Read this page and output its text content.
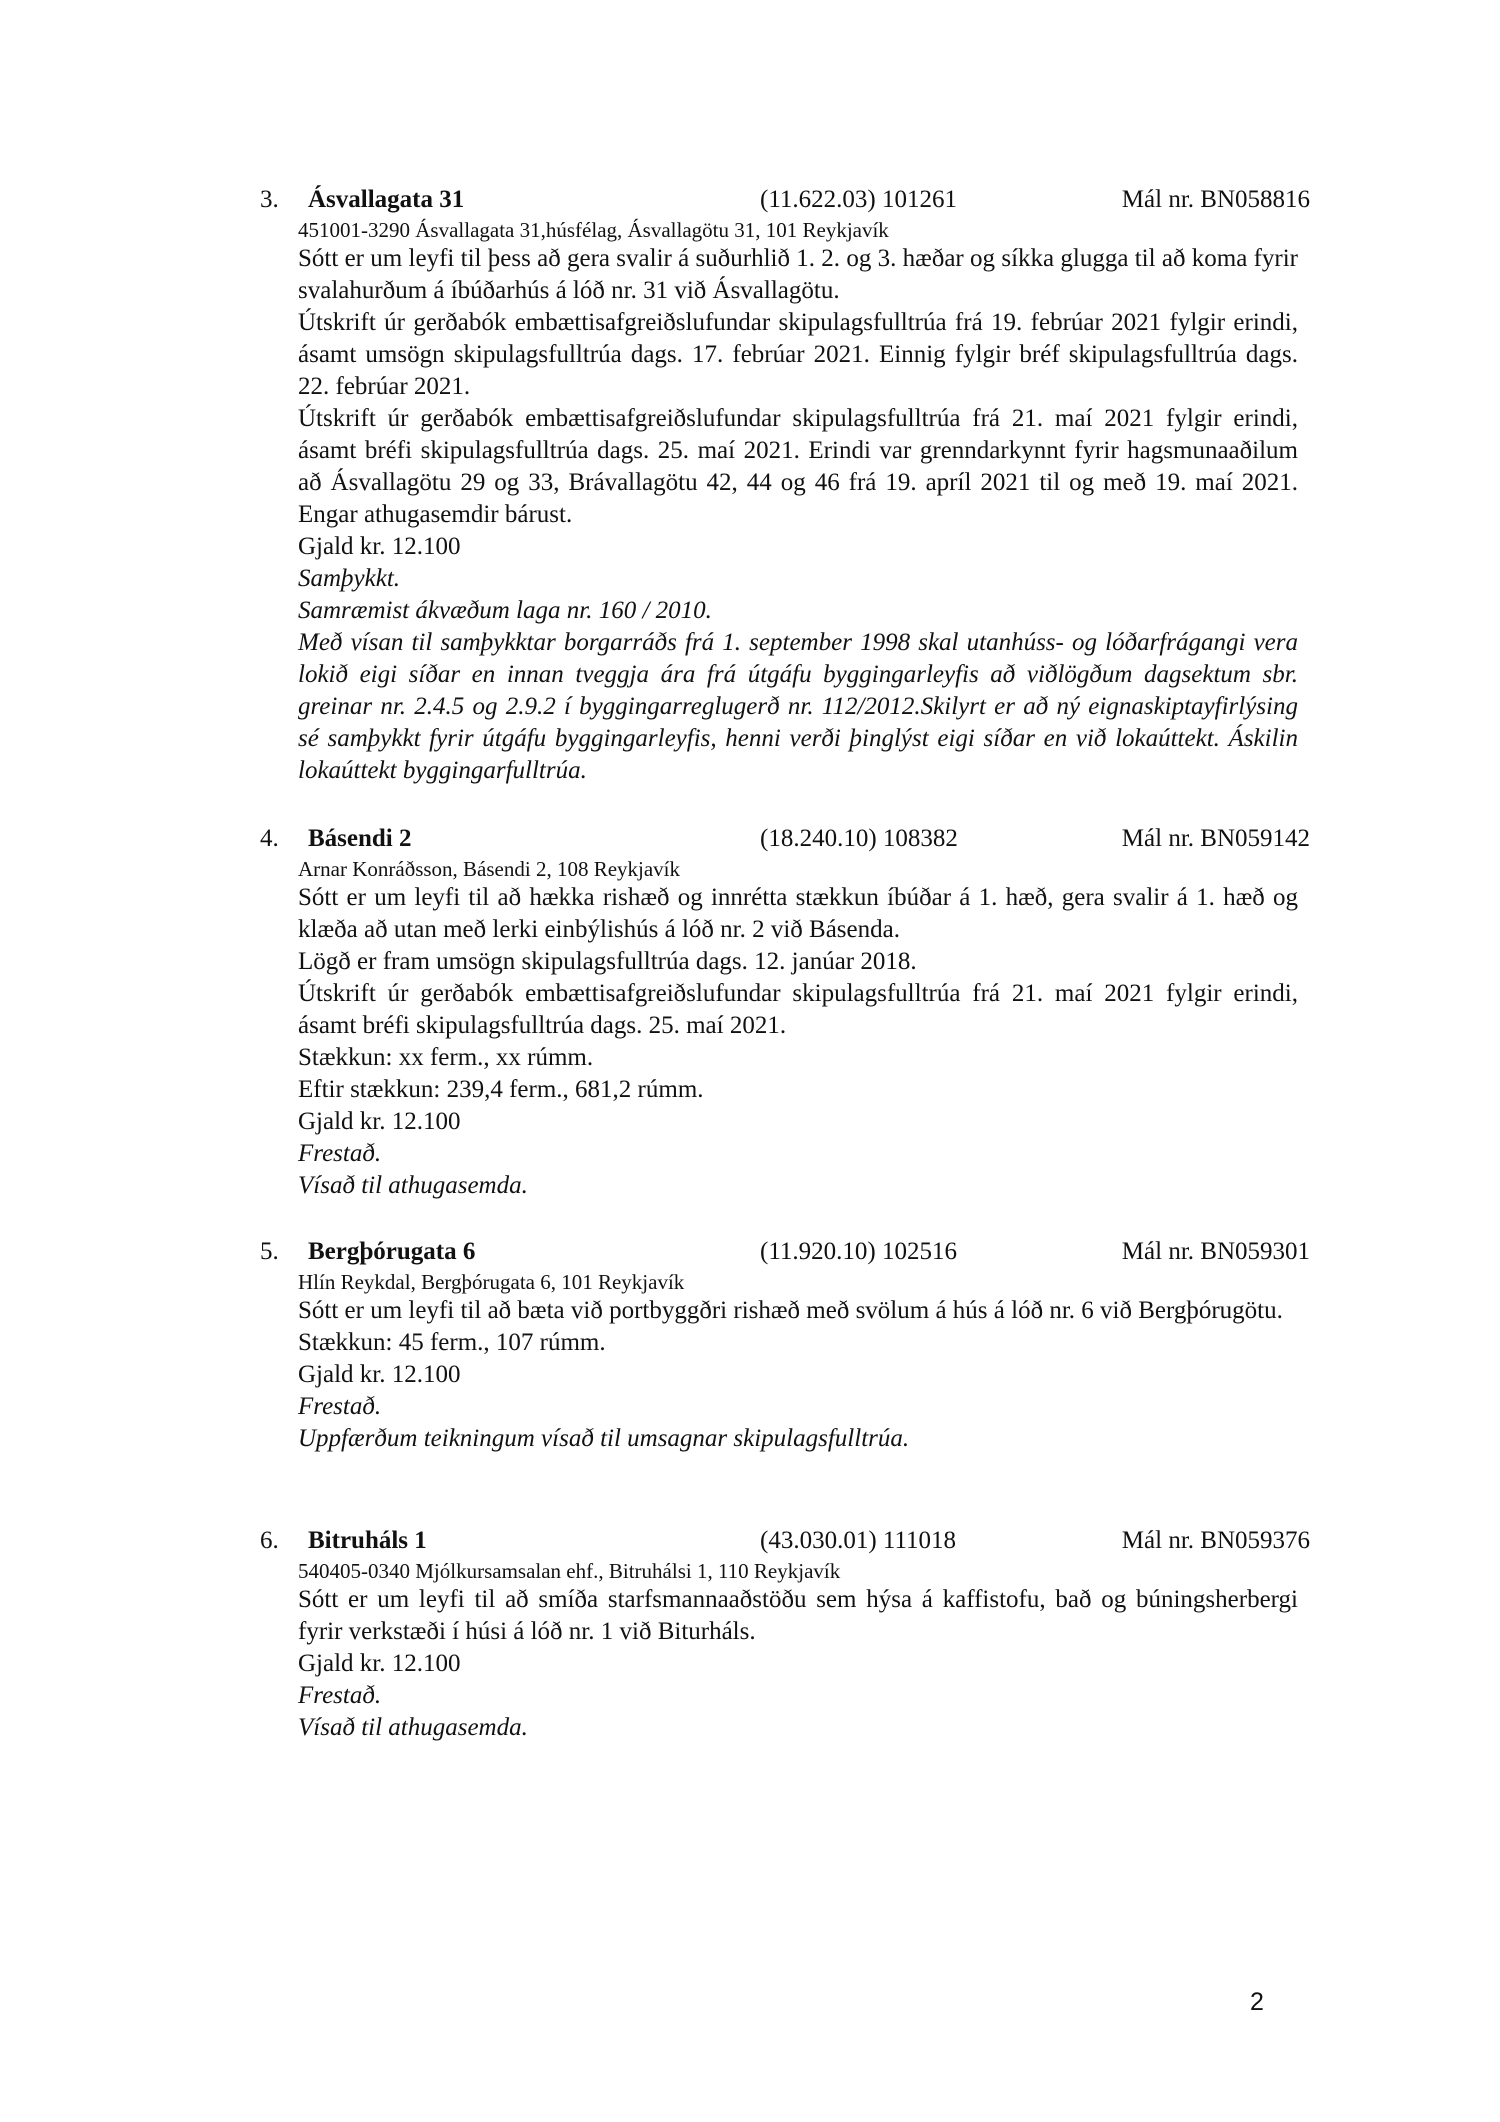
3. Ásvallagata 31	(11.622.03) 101261	Mál nr. BN058816
451001-3290 Ásvallagata 31,húsfélag, Ásvallagötu 31, 101 Reykjavík

Sótt er um leyfi til þess að gera svalir á suðurhlið 1. 2. og 3. hæðar og síkka glugga til að koma fyrir svalahurðum á íbúðarhús á lóð nr. 31 við Ásvallagötu.

Útskrift úr gerðabók embættisafgreiðslufundar skipulagsfulltrúa frá 19. febrúar 2021 fylgir erindi, ásamt umsögn skipulagsfulltrúa dags. 17. febrúar 2021. Einnig fylgir bréf skipulagsfulltrúa dags. 22. febrúar 2021.

Útskrift úr gerðabók embættisafgreiðslufundar skipulagsfulltrúa frá 21. maí 2021 fylgir erindi, ásamt bréfi skipulagsfulltrúa dags. 25. maí 2021. Erindi var grenndarkynnt fyrir hagsmunaaðilum að Ásvallagötu 29 og 33, Brávallagötu 42, 44 og 46 frá 19. apríl 2021 til og með 19. maí 2021. Engar athugasemdir bárust.

Gjald kr. 12.100

Samþykkt.

Samræmist ákvæðum laga nr. 160 / 2010.

Með vísan til samþykktar borgarráðs frá 1. september 1998 skal utanhúss- og lóðarfrágangi vera lokið eigi síðar en innan tveggja ára frá útgáfu byggingarleyfis að viðlögðum dagsektum sbr. greinar nr. 2.4.5 og 2.9.2 í byggingarreglugerð nr. 112/2012.Skilyrt er að ný eignaskiptayfirlýsing sé samþykkt fyrir útgáfu byggingarleyfis, henni verði þinglýst eigi síðar en við lokaúttekt. Áskilin lokaúttekt byggingarfulltrúa.

4. Básendi 2	(18.240.10) 108382	Mál nr. BN059142
Arnar Konráðsson, Básendi 2, 108 Reykjavík

Sótt er um leyfi til að hækka rishæð og innrétta stækkun íbúðar á 1. hæð, gera svalir á 1. hæð og klæða að utan með lerki einbýlishús á lóð nr. 2 við Básenda.

Lögð er fram umsögn skipulagsfulltrúa dags. 12. janúar 2018.

Útskrift úr gerðabók embættisafgreiðslufundar skipulagsfulltrúa frá 21. maí 2021 fylgir erindi, ásamt bréfi skipulagsfulltrúa dags. 25. maí 2021.

Stækkun: xx ferm., xx rúmm.

Eftir stækkun: 239,4 ferm., 681,2 rúmm.

Gjald kr. 12.100

Frestað.

Vísað til athugasemda.

5. Bergþórugata 6	(11.920.10) 102516	Mál nr. BN059301
Hlín Reykdal, Bergþórugata 6, 101 Reykjavík

Sótt er um leyfi til að bæta við portbyggðri rishæð með svölum á hús á lóð nr. 6 við Bergþórugötu.

Stækkun: 45 ferm., 107 rúmm.

Gjald kr. 12.100

Frestað.

Uppfærðum teikningum vísað til umsagnar skipulagsfulltrúa.

6. Bitruháls 1	(43.030.01) 111018	Mál nr. BN059376
540405-0340 Mjólkursamsalan ehf., Bitruhálsi 1, 110 Reykjavík

Sótt er um leyfi til að smíða starfsmannaaðstöðu sem hýsa á kaffistofu, bað og búningsherbergi fyrir verkstæði í húsi á lóð nr. 1 við Biturháls.

Gjald kr. 12.100

Frestað.

Vísað til athugasemda.

2
